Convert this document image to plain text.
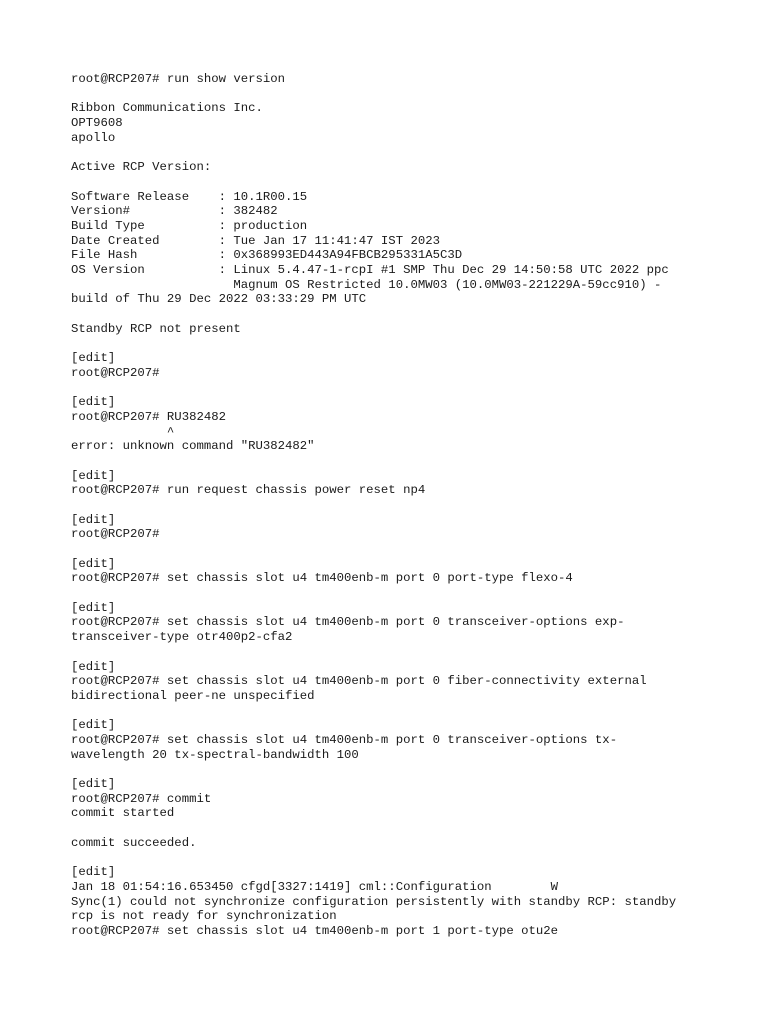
root@RCP207# run show version
Ribbon Communications Inc.
OPT9608
apollo
Active RCP Version:
Software Release    : 10.1R00.15
Version#            : 382482
Build Type          : production
Date Created        : Tue Jan 17 11:41:47 IST 2023
File Hash           : 0x368993ED443A94FBCB295331A5C3D
OS Version          : Linux 5.4.47-1-rcpI #1 SMP Thu Dec 29 14:50:58 UTC 2022 ppc
Magnum OS Restricted 10.0MW03 (10.0MW03-221229A-59cc910) -
build of Thu 29 Dec 2022 03:33:29 PM UTC
Standby RCP not present
[edit]
root@RCP207#
[edit]
root@RCP207# RU382482
^
error: unknown command "RU382482"
[edit]
root@RCP207# run request chassis power reset np4
[edit]
root@RCP207#
[edit]
root@RCP207# set chassis slot u4 tm400enb-m port 0 port-type flexo-4
[edit]
root@RCP207# set chassis slot u4 tm400enb-m port 0 transceiver-options exp-
transceiver-type otr400p2-cfa2
[edit]
root@RCP207# set chassis slot u4 tm400enb-m port 0 fiber-connectivity external
bidirectional peer-ne unspecified
[edit]
root@RCP207# set chassis slot u4 tm400enb-m port 0 transceiver-options tx-
wavelength 20 tx-spectral-bandwidth 100
[edit]
root@RCP207# commit
commit started
commit succeeded.
[edit]
Jan 18 01:54:16.653450 cfgd[3327:1419] cml::Configuration        W
Sync(1) could not synchronize configuration persistently with standby RCP: standby
rcp is not ready for synchronization
root@RCP207# set chassis slot u4 tm400enb-m port 1 port-type otu2e
